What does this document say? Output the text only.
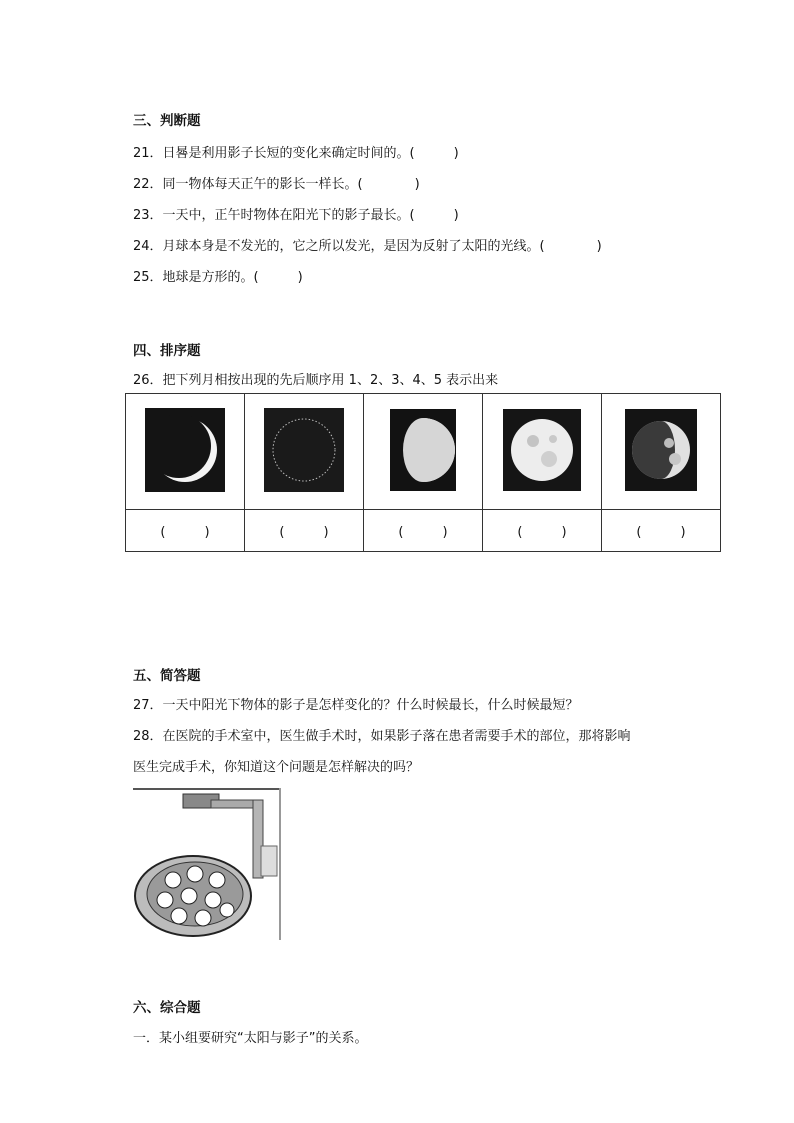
三、判断题
21．日晷是利用影子长短的变化来确定时间的。(　　　)
22．同一物体每天正午的影长一样长。(　　　　)
23．一天中，正午时物体在阳光下的影子最长。(　　　)
24．月球本身是不发光的，它之所以发光，是因为反射了太阳的光线。(　　　　)
25．地球是方形的。(　　　)
四、排序题
26．把下列月相按出现的先后顺序用 1、2、3、4、5 表示出来

(　　　)	(　　　)	(　　　)	(　　　)	(　　　)
五、简答题
27．一天中阳光下物体的影子是怎样变化的？什么时候最长，什么时候最短？
28．在医院的手术室中，医生做手术时，如果影子落在患者需要手术的部位，那将影响
医生完成手术，你知道这个问题是怎样解决的吗？
六、综合题
一．某小组要研究“太阳与影子”的关系。
